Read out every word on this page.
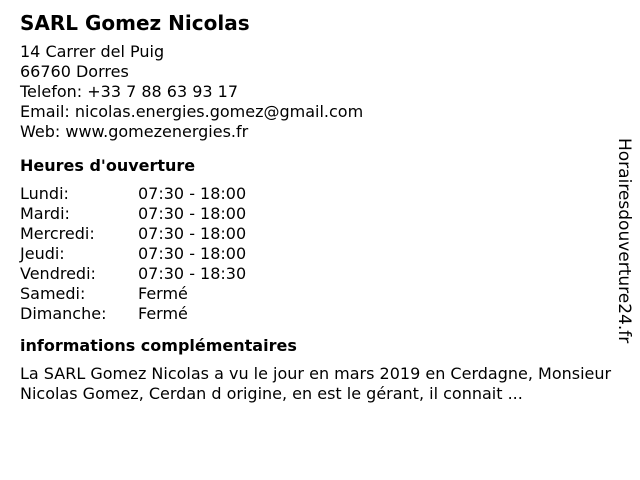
SARL Gomez Nicolas
14 Carrer del Puig
66760 Dorres
Telefon: +33 7 88 63 93 17
Email: nicolas.energies.gomez@gmail.com
Web: www.gomezenergies.fr
Heures d'ouverture
Lundi:	07:30 - 18:00
Mardi:	07:30 - 18:00
Mercredi:	07:30 - 18:00
Jeudi:	07:30 - 18:00
Vendredi:	07:30 - 18:30
Samedi:	Fermé
Dimanche:	Fermé
informations complémentaires
La SARL Gomez Nicolas a vu le jour en mars 2019 en Cerdagne, Monsieur Nicolas Gomez, Cerdan d origine, en est le gérant, il connait ...
Horairesdouverture24.fr
